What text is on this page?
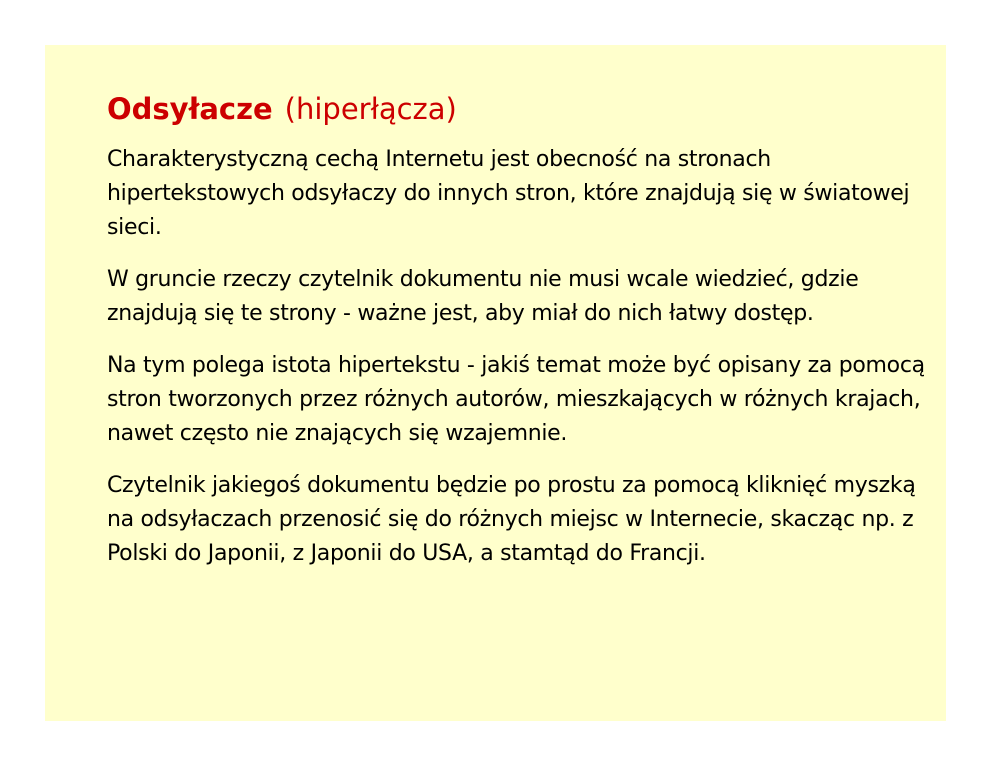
Odsyłacze (hiperłącza)

Charakterystyczną cechą Internetu jest obecność na stronach hipertekstowych odsyłaczy do innych stron, które znajdują się w światowej sieci.

W gruncie rzeczy czytelnik dokumentu nie musi wcale wiedzieć, gdzie znajdują się te strony - ważne jest, aby miał do nich łatwy dostęp.

Na tym polega istota hipertekstu - jakiś temat może być opisany za pomocą stron tworzonych przez różnych autorów, mieszkających w różnych krajach, nawet często nie znających się wzajemnie.

Czytelnik jakiegoś dokumentu będzie po prostu za pomocą kliknięć myszką na odsyłaczach przenosić się do różnych miejsc w Internecie, skacząc np. z Polski do Japonii, z Japonii do USA, a stamtąd do Francji.
